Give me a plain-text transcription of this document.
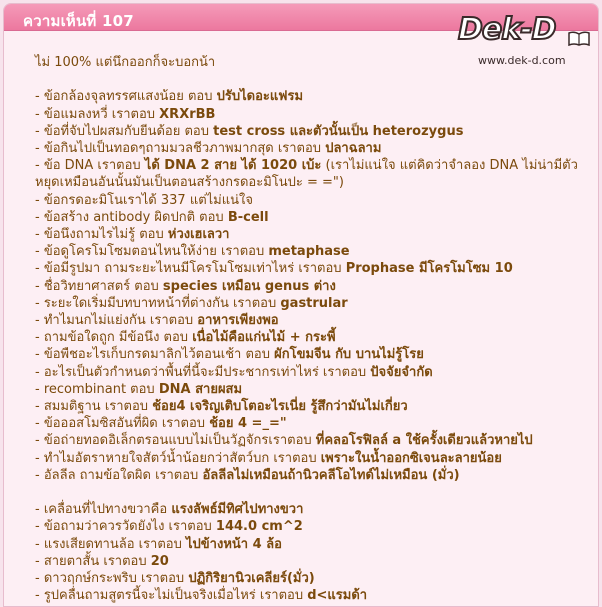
ความเห็นที่ 107	Dek-D
www.dek-d.com
ไม่ 100% แต่นึกออกก็จะบอกน้า
- ข้อกล้องจุลทรรศแสงน้อย ตอบ ปรับไดอะแฟรม
- ข้อแมลงหวี่ เราตอบ XRXrBB
- ข้อที่จับไปผสมกับยีนด้อย ตอบ test cross และตัวนั้นเป็น heterozygus
- ข้อกินไปเป็นทอดๆถามมวลชีวภาพมากสุด เราตอบ ปลาฉลาม
- ข้อ DNA เราตอบ ได้ DNA 2 สาย ได้ 1020 เบ้ะ (เราไม่แน่ใจ แต่คิดว่าจำลอง DNA ไม่น่ามีตัวหยุดเหมือนอันนั้นมันเป็นตอนสร้างกรดอะมิโนปะ = =")
- ข้อกรดอะมิโนเราได้ 337 แต่ไม่แน่ใจ
- ข้อสร้าง antibody ผิดปกติ ตอบ B-cell
- ข้อนึงถามไรไม่รู้ ตอบ ห่วงเฮเลวา
- ข้อดูโครโมโซมตอนไหนให้ง่าย เราตอบ metaphase
- ข้อมีรูปมา ถามระยะไหนมีโครโมโซมเท่าไหร่ เราตอบ Prophase มีโครโมโซม 10
- ชื่อวิทยาศาสตร์ ตอบ species เหมือน genus ต่าง
- ระยะใดเริ่มมีบทบาทหน้าที่ต่างกัน เราตอบ gastrular
- ทำไมนกไม่แย่งกัน เราตอบ อาหารเพียงพอ
- ถามข้อใดถูก มีข้อนึง ตอบ เนื่อไม้คือแก่นไม้ + กระพี้
- ข้อพืชอะไรเก็บกรดมาลิกไว้ตอนเช้า ตอบ ผักโขมจีน กับ บานไม่รู้โรย
- อะไรเป็นตัวกำหนดว่าพื้นที่นี้จะมีประชากรเท่าไหร่ เราตอบ ปัจจัยจำกัด
- recombinant ตอบ DNA สายผสม
- สมมติฐาน เราตอบ ช้อย4 เจริญเติบโตอะไรเนี่ย รู้สึกว่ามันไม่เกี่ยว
- ข้อออสโมซิสอันที่ผิด เราตอบ ช้อย 4 =_="
- ข้อถ่ายทอดอิเล็กตรอนแบบไม่เป็นวัฏจักรเราตอบ ที่คลอโรฟิลล์ a ใช้ครั้งเดียวแล้วหายไป
- ทำไมอัตราหายใจสัตว์น้ำน้อยกว่าสัตว์บก เราตอบ เพราะในน้ำออกซิเจนละลายน้อย
- อัลลีล ถามข้อใดผิด เราตอบ อัลลีลไม่เหมือนถ้านิวคลีโอไทด์ไม่เหมือน (มั่ว)
- เคลื่อนที่ไปทางขวาคือ แรงลัพธ์มีทิศไปทางขวา
- ข้อถามว่าควรวัดยังไง เราตอบ 144.0 cm^2
- แรงเสียดทานล้อ เราตอบ ไปข้างหน้า 4 ล้อ
- สายตาสั้น เราตอบ 20
- ดาวฤกษ์กระพริบ เราตอบ ปฏิกิริยานิวเคลียร์(มั่ว)
- รูปคลื่นถามสูตรนี้จะไม่เป็นจริงเมื่อไหร่ เราตอบ d<แรมด้า
